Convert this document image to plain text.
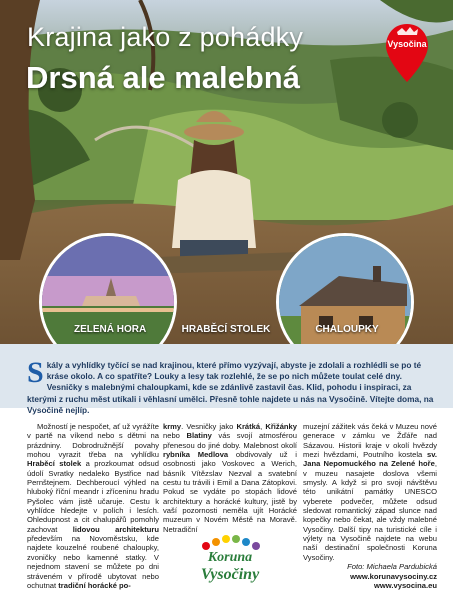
Krajina jako z pohádky
Drsná ale malebná
Vysočina
ZELENÁ HORA	HRABĚCÍ STOLEK	CHALOUPKY
Skály a vyhlídky tyčící se nad krajinou, které přímo vyzývají, abyste je zdolali a rozhlédli se po té kráse okolo. A co spatříte? Louky a lesy tak rozlehlé, že se po nich můžete toulat celé dny. Vesničky s malebnými chaloupkami, kde se zdánlivě zastavil čas. Klid, pohodu i inspiraci, za kterými z ruchu měst utíkali i věhlasní umělci. Přesně tohle najdete u nás na Vysočině. Vítejte doma, na Vysočině nejlíp.
Možností je nespočet, ať už vyrážíte v partě na víkend nebo s dětmi na prázdniny. Dobrodružnější povahy mohou vyrazit třeba na vyhlídku Hraběcí stolek a prozkoumat odsud údolí Svratky nedaleko Bystřice nad Pernštejnem. Dechberoucí výhled na hluboký říční meandr i zříceninu hradu Pyšolec vám jistě učaruje. Cestu k vyhlídce hledejte v polích i lesích. Ohledupnost a cit chalupářů pomohly zachovat lidovou architekturu především na Novoměstsku, kde najdete kouzelné roubené chaloupky, zvoničky nebo kamenné statky. V nejednom stavení se můžete po dni stráveném v přírodě ubytovat nebo ochutnat tradiční horácké po-
krmy. Vesničky jako Krátká, Křižánky nebo Blatiny vás svojí atmosférou přenesou do jiné doby. Malebnost okolí rybníka Medlova obdivovaly už i osobnosti jako Voskovec a Werich, básník Vítězslav Nezval a svatební cestu tu trávili i Emil a Dana Zátopkovi. Pokud se vydáte po stopách lidové architektury a horácké kultury, jistě by vaší pozornosti neměla ujít Horácké muzeum v Novém Městě na Moravě. Netradiční
muzejní zážitek vás čeká v Muzeu nové generace v zámku ve Žďáře nad Sázavou. Historii kraje v okolí hvězdy mezi hvězdami, Poutního kostela sv. Jana Nepomuckého na Zelené hoře, v muzeu nasajete doslova všemi smysly. A když si pro svoji návštěvu této unikátní památky UNESCO vyberete podvečer, můžete odsud sledovat romantický západ slunce nad kopečky nebo čekat, ale vždy malebné Vysočiny. Další tipy na turistické cíle i výlety na Vysočině najdete na webu naší destinační společnosti Koruna Vysočiny.
Foto: Michaela Pardubická
www.korunavysociny.cz
www.vysocina.eu
Koruna
Vysočiny
